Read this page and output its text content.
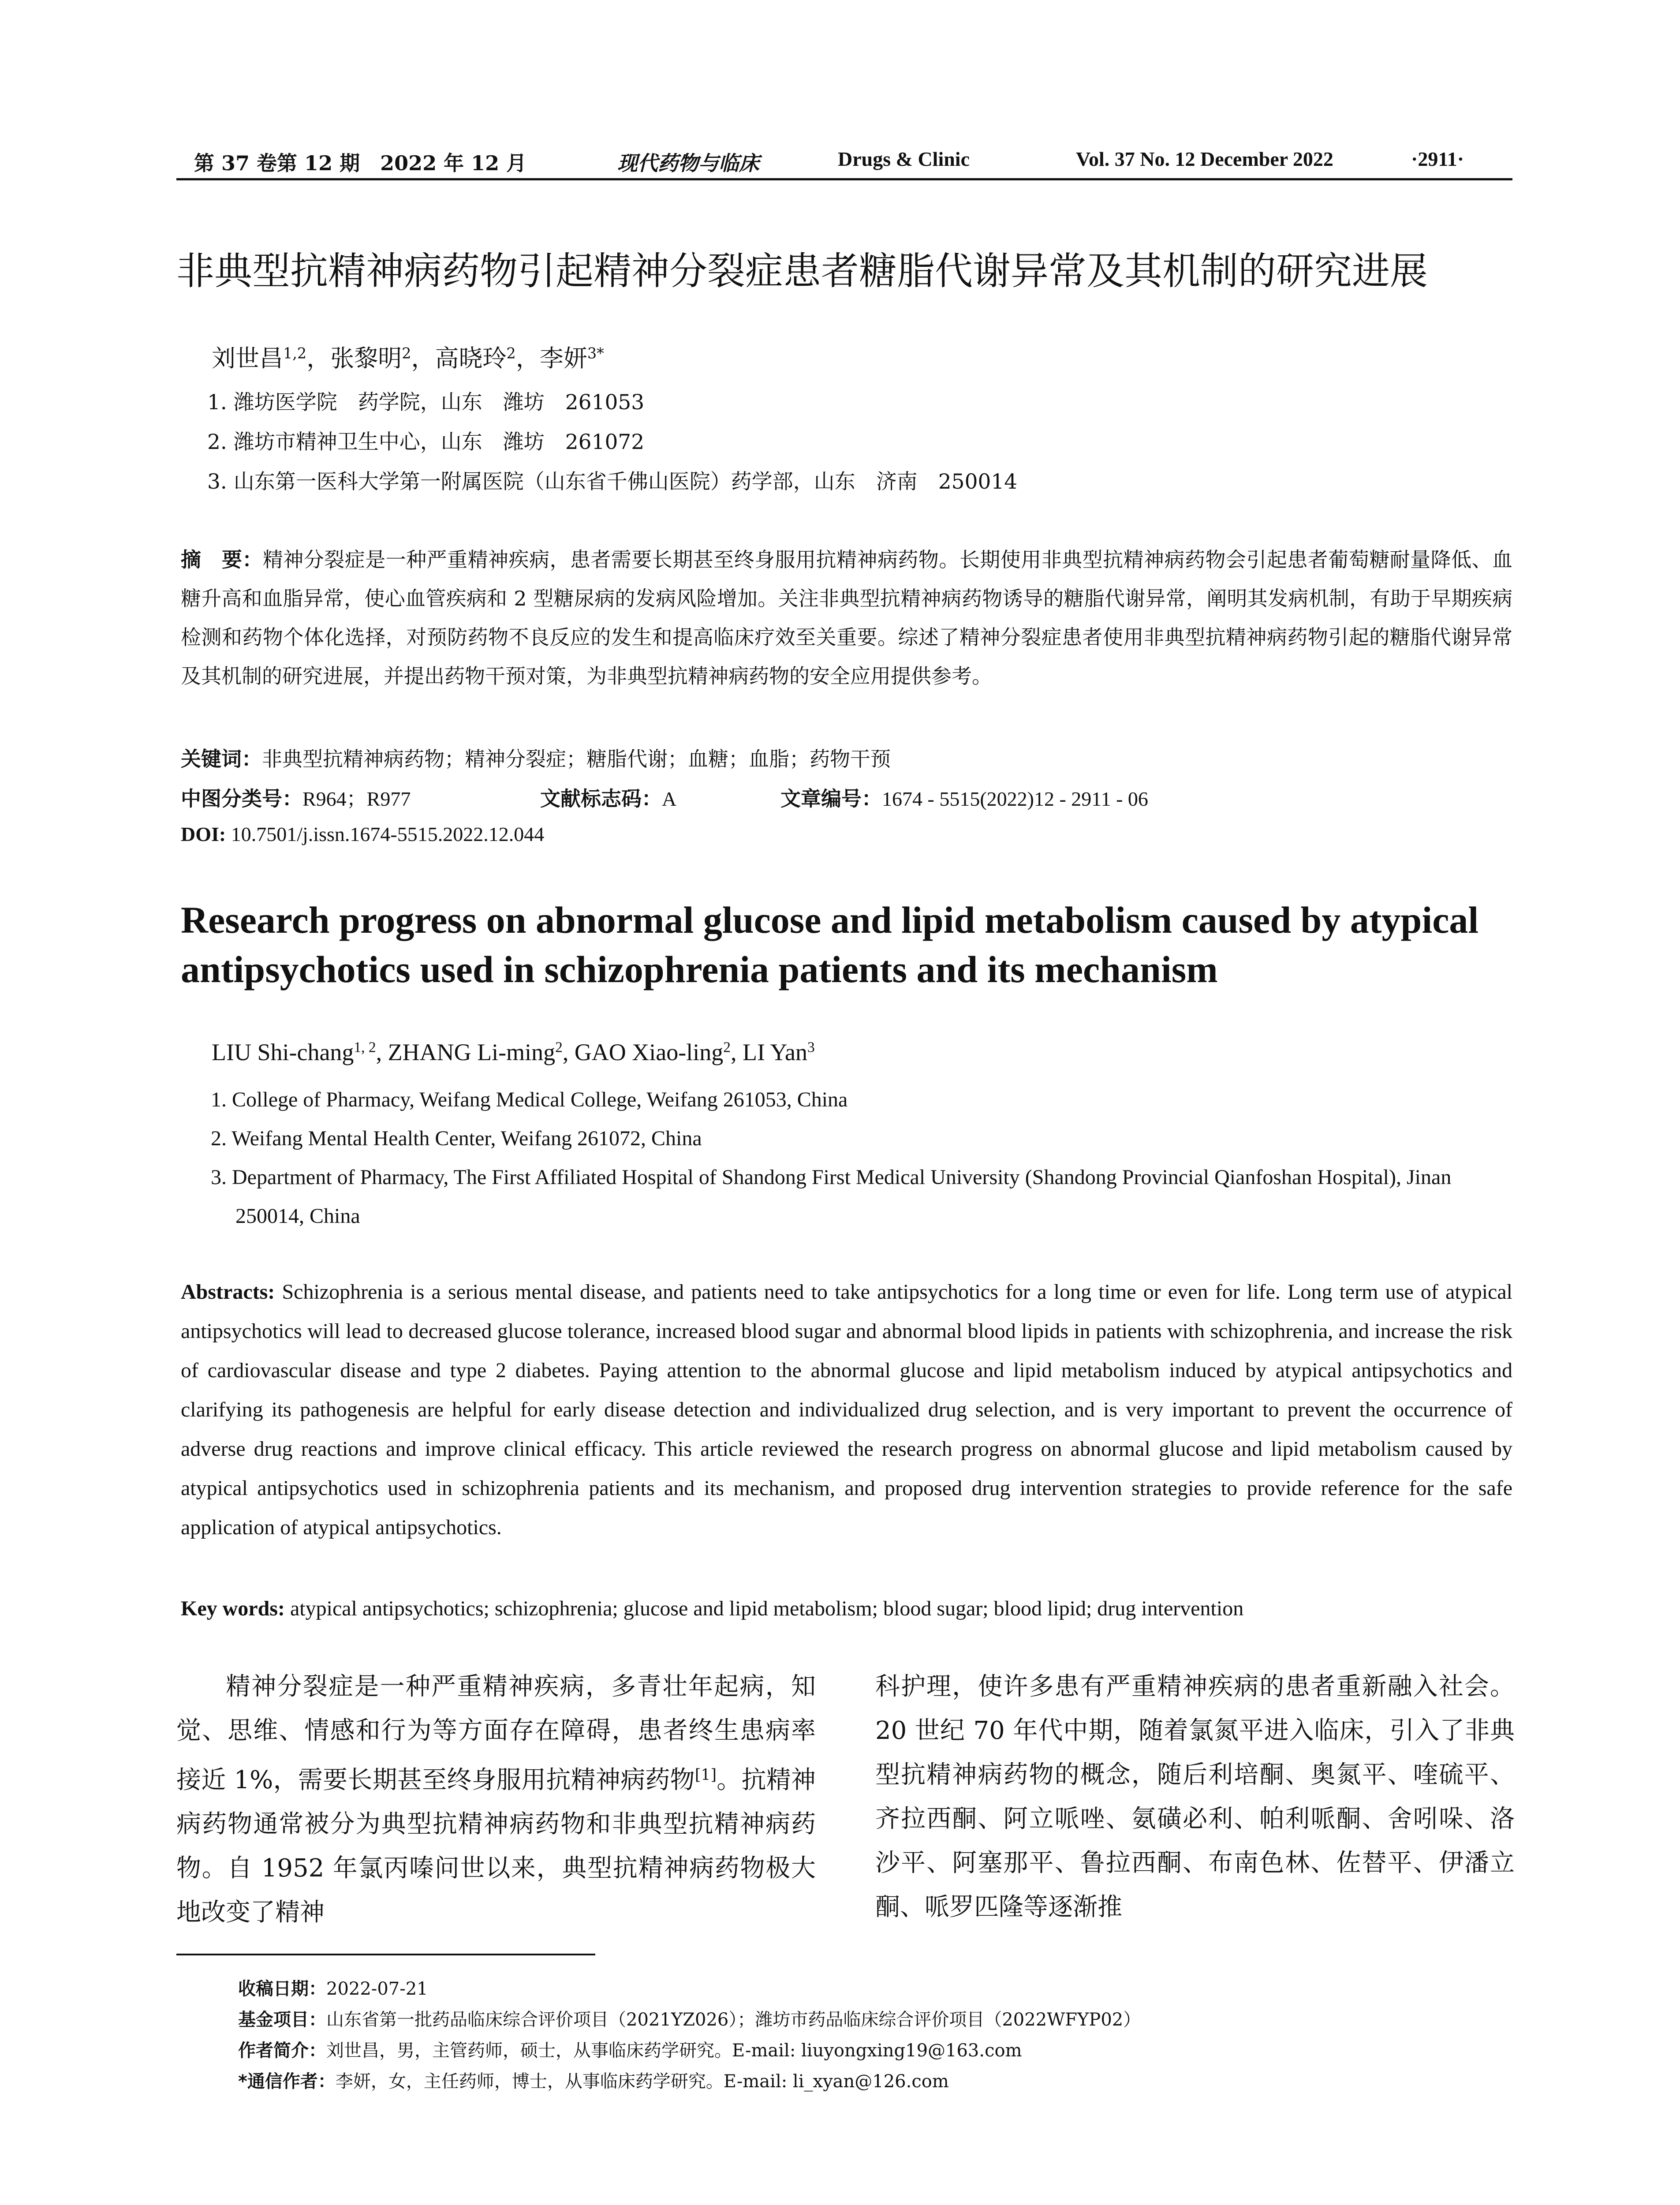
第 37 卷第 12 期　2022 年 12 月	现代药物与临床	Drugs & Clinic	Vol. 37 No. 12 December 2022	·2911·
非典型抗精神病药物引起精神分裂症患者糖脂代谢异常及其机制的研究进展
刘世昌$^{1,2}$，张黎明$^2$，高晓玲$^2$，李妍$^{3*}$
1. 潍坊医学院　药学院，山东　潍坊　261053
2. 潍坊市精神卫生中心，山东　潍坊　261072
3. 山东第一医科大学第一附属医院（山东省千佛山医院）药学部，山东　济南　250014
摘　要：精神分裂症是一种严重精神疾病，患者需要长期甚至终身服用抗精神病药物。长期使用非典型抗精神病药物会引起患者葡萄糖耐量降低、血糖升高和血脂异常，使心血管疾病和 2 型糖尿病的发病风险增加。关注非典型抗精神病药物诱导的糖脂代谢异常，阐明其发病机制，有助于早期疾病检测和药物个体化选择，对预防药物不良反应的发生和提高临床疗效至关重要。综述了精神分裂症患者使用非典型抗精神病药物引起的糖脂代谢异常及其机制的研究进展，并提出药物干预对策，为非典型抗精神病药物的安全应用提供参考。
关键词：非典型抗精神病药物；精神分裂症；糖脂代谢；血糖；血脂；药物干预
中图分类号：R964；R977	文献标志码：A	文章编号：1674 - 5515(2022)12 - 2911 - 06
DOI: 10.7501/j.issn.1674-5515.2022.12.044
Research progress on abnormal glucose and lipid metabolism caused by atypical antipsychotics used in schizophrenia patients and its mechanism
LIU Shi-chang$^{1, 2}$, ZHANG Li-ming$^2$, GAO Xiao-ling$^2$, LI Yan$^3$
1. College of Pharmacy, Weifang Medical College, Weifang 261053, China
2. Weifang Mental Health Center, Weifang 261072, China
3. Department of Pharmacy, The First Affiliated Hospital of Shandong First Medical University (Shandong Provincial Qianfoshan Hospital), Jinan 250014, China
Abstracts: Schizophrenia is a serious mental disease, and patients need to take antipsychotics for a long time or even for life. Long term use of atypical antipsychotics will lead to decreased glucose tolerance, increased blood sugar and abnormal blood lipids in patients with schizophrenia, and increase the risk of cardiovascular disease and type 2 diabetes. Paying attention to the abnormal glucose and lipid metabolism induced by atypical antipsychotics and clarifying its pathogenesis are helpful for early disease detection and individualized drug selection, and is very important to prevent the occurrence of adverse drug reactions and improve clinical efficacy. This article reviewed the research progress on abnormal glucose and lipid metabolism caused by atypical antipsychotics used in schizophrenia patients and its mechanism, and proposed drug intervention strategies to provide reference for the safe application of atypical antipsychotics.
Key words: atypical antipsychotics; schizophrenia; glucose and lipid metabolism; blood sugar; blood lipid; drug intervention
精神分裂症是一种严重精神疾病，多青壮年起病，知觉、思维、情感和行为等方面存在障碍，患者终生患病率接近 1%，需要长期甚至终身服用抗精神病药物[1]。抗精神病药物通常被分为典型抗精神病药物和非典型抗精神病药物。自 1952 年氯丙嗪问世以来，典型抗精神病药物极大地改变了精神
科护理，使许多患有严重精神疾病的患者重新融入社会。20 世纪 70 年代中期，随着氯氮平进入临床，引入了非典型抗精神病药物的概念，随后利培酮、奥氮平、喹硫平、齐拉西酮、阿立哌唑、氨磺必利、帕利哌酮、舍吲哚、洛沙平、阿塞那平、鲁拉西酮、布南色林、佐替平、伊潘立酮、哌罗匹隆等逐渐推
收稿日期：2022-07-21
基金项目：山东省第一批药品临床综合评价项目（2021YZ026）；潍坊市药品临床综合评价项目（2022WFYP02）
作者简介：刘世昌，男，主管药师，硕士，从事临床药学研究。E-mail: liuyongxing19@163.com
*通信作者：李妍，女，主任药师，博士，从事临床药学研究。E-mail: li_xyan@126.com
